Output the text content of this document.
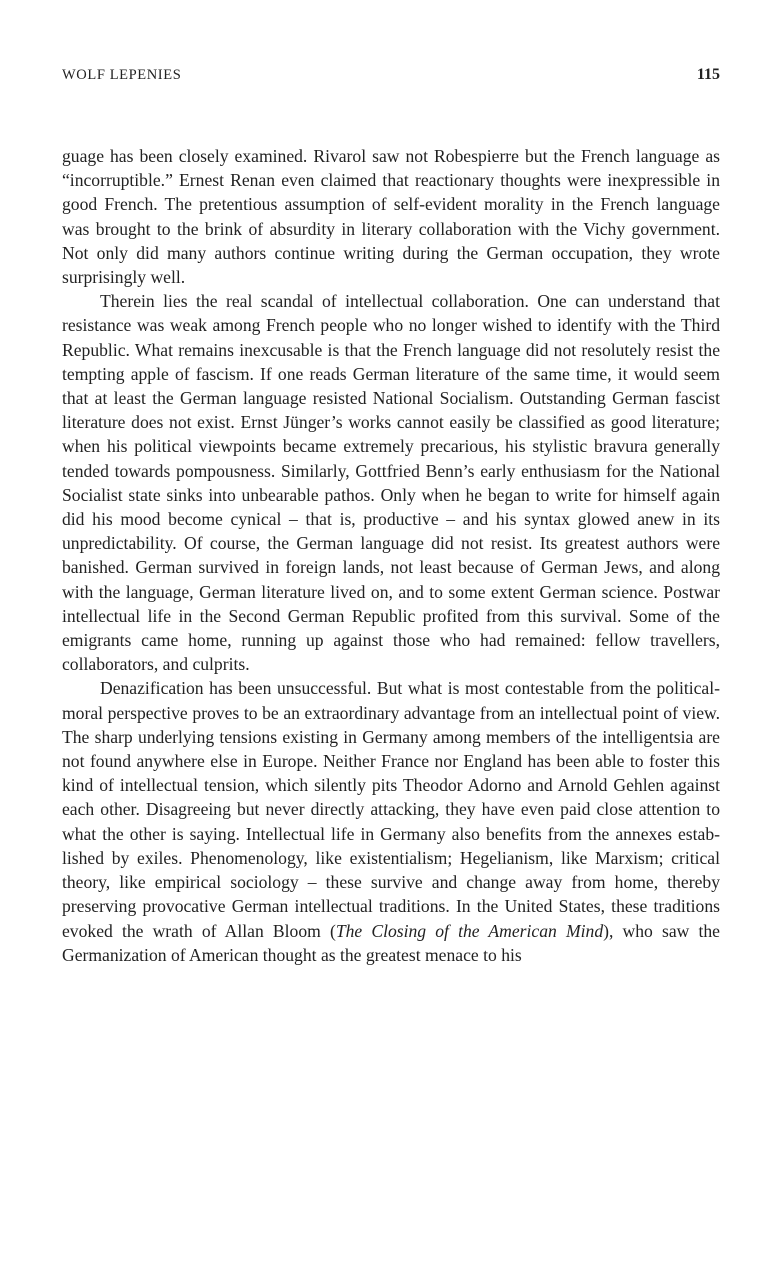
WOLF LEPENIES	115

guage has been closely examined. Rivarol saw not Robespierre but the French language as “incorruptible.” Ernest Renan even claimed that reactionary thoughts were inexpressible in good French. The pretentious assumption of self-evident morality in the French language was brought to the brink of absurdity in literary collaboration with the Vichy government. Not only did many authors continue writing during the German occupation, they wrote surprisingly well.

Therein lies the real scandal of intellectual collaboration. One can understand that resistance was weak among French people who no longer wished to identify with the Third Republic. What remains inexcusable is that the French language did not resolutely resist the tempting apple of fascism. If one reads German literature of the same time, it would seem that at least the German language resisted National Socialism. Outstanding German fascist literature does not exist. Ernst Jünger’s works cannot easily be classified as good literature; when his political viewpoints became extremely precarious, his stylistic bravura generally tended towards pompousness. Similarly, Gottfried Benn’s early enthusiasm for the National Socialist state sinks into unbearable pathos. Only when he began to write for himself again did his mood become cynical – that is, productive – and his syntax glowed anew in its unpredictability. Of course, the German language did not resist. Its greatest authors were banished. German survived in foreign lands, not least because of German Jews, and along with the language, German literature lived on, and to some extent German science. Postwar intellectual life in the Second German Republic profited from this survival. Some of the emigrants came home, running up against those who had remained: fellow travellers, collaborators, and culprits.

Denazification has been unsuccessful. But what is most contestable from the political-moral perspective proves to be an extraordinary advantage from an intellectual point of view. The sharp underlying tensions existing in Germany among members of the intelligentsia are not found anywhere else in Europe. Neither France nor England has been able to foster this kind of intellectual tension, which silently pits Theodor Adorno and Arnold Gehlen against each other. Disagreeing but never directly attacking, they have even paid close attention to what the other is saying. Intellectual life in Germany also benefits from the annexes established by exiles. Phenomenology, like existentialism; Hegelianism, like Marxism; critical theory, like empirical sociology – these survive and change away from home, thereby preserving provocative German intellectual traditions. In the United States, these traditions evoked the wrath of Allan Bloom (The Closing of the American Mind), who saw the Germanization of American thought as the greatest menace to his
